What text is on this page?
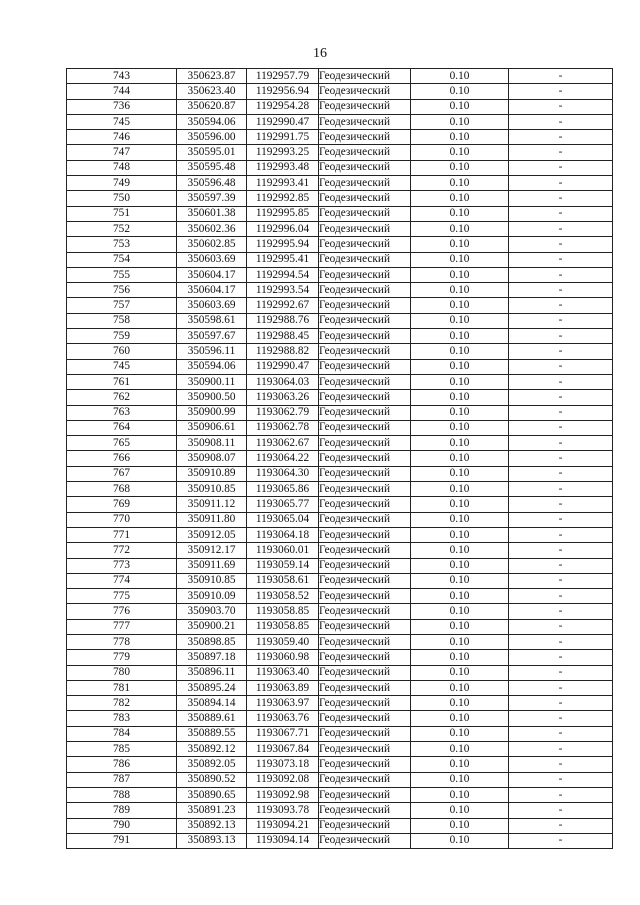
16
743	350623.87	1192957.79	Геодезический	0.10	-
744	350623.40	1192956.94	Геодезический	0.10	-
736	350620.87	1192954.28	Геодезический	0.10	-
745	350594.06	1192990.47	Геодезический	0.10	-
746	350596.00	1192991.75	Геодезический	0.10	-
747	350595.01	1192993.25	Геодезический	0.10	-
748	350595.48	1192993.48	Геодезический	0.10	-
749	350596.48	1192993.41	Геодезический	0.10	-
750	350597.39	1192992.85	Геодезический	0.10	-
751	350601.38	1192995.85	Геодезический	0.10	-
752	350602.36	1192996.04	Геодезический	0.10	-
753	350602.85	1192995.94	Геодезический	0.10	-
754	350603.69	1192995.41	Геодезический	0.10	-
755	350604.17	1192994.54	Геодезический	0.10	-
756	350604.17	1192993.54	Геодезический	0.10	-
757	350603.69	1192992.67	Геодезический	0.10	-
758	350598.61	1192988.76	Геодезический	0.10	-
759	350597.67	1192988.45	Геодезический	0.10	-
760	350596.11	1192988.82	Геодезический	0.10	-
745	350594.06	1192990.47	Геодезический	0.10	-
761	350900.11	1193064.03	Геодезический	0.10	-
762	350900.50	1193063.26	Геодезический	0.10	-
763	350900.99	1193062.79	Геодезический	0.10	-
764	350906.61	1193062.78	Геодезический	0.10	-
765	350908.11	1193062.67	Геодезический	0.10	-
766	350908.07	1193064.22	Геодезический	0.10	-
767	350910.89	1193064.30	Геодезический	0.10	-
768	350910.85	1193065.86	Геодезический	0.10	-
769	350911.12	1193065.77	Геодезический	0.10	-
770	350911.80	1193065.04	Геодезический	0.10	-
771	350912.05	1193064.18	Геодезический	0.10	-
772	350912.17	1193060.01	Геодезический	0.10	-
773	350911.69	1193059.14	Геодезический	0.10	-
774	350910.85	1193058.61	Геодезический	0.10	-
775	350910.09	1193058.52	Геодезический	0.10	-
776	350903.70	1193058.85	Геодезический	0.10	-
777	350900.21	1193058.85	Геодезический	0.10	-
778	350898.85	1193059.40	Геодезический	0.10	-
779	350897.18	1193060.98	Геодезический	0.10	-
780	350896.11	1193063.40	Геодезический	0.10	-
781	350895.24	1193063.89	Геодезический	0.10	-
782	350894.14	1193063.97	Геодезический	0.10	-
783	350889.61	1193063.76	Геодезический	0.10	-
784	350889.55	1193067.71	Геодезический	0.10	-
785	350892.12	1193067.84	Геодезический	0.10	-
786	350892.05	1193073.18	Геодезический	0.10	-
787	350890.52	1193092.08	Геодезический	0.10	-
788	350890.65	1193092.98	Геодезический	0.10	-
789	350891.23	1193093.78	Геодезический	0.10	-
790	350892.13	1193094.21	Геодезический	0.10	-
791	350893.13	1193094.14	Геодезический	0.10	-
